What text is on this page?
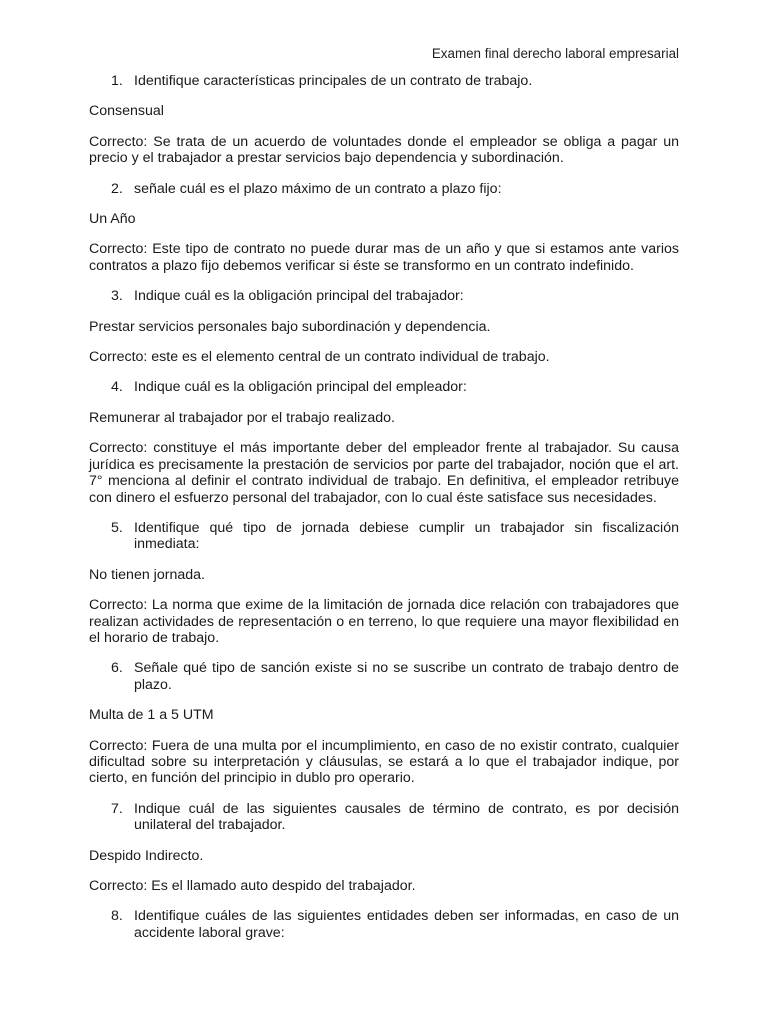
Examen final derecho laboral empresarial
1. Identifique características principales de un contrato de trabajo.

Consensual

Correcto: Se trata de un acuerdo de voluntades donde el empleador se obliga a pagar un precio y el trabajador a prestar servicios bajo dependencia y subordinación.

2. señale cuál es el plazo máximo de un contrato a plazo fijo:

Un Año

Correcto: Este tipo de contrato no puede durar mas de un año y que si estamos ante varios contratos a plazo fijo debemos verificar si éste se transformo en un contrato indefinido.

3. Indique cuál es la obligación principal del trabajador:

Prestar servicios personales bajo subordinación y dependencia.

Correcto: este es el elemento central de un contrato individual de trabajo.

4. Indique cuál es la obligación principal del empleador:

Remunerar al trabajador por el trabajo realizado.

Correcto: constituye el más importante deber del empleador frente al trabajador. Su causa jurídica es precisamente la prestación de servicios por parte del trabajador, noción que el art. 7° menciona al definir el contrato individual de trabajo. En definitiva, el empleador retribuye con dinero el esfuerzo personal del trabajador, con lo cual éste satisface sus necesidades.

5. Identifique qué tipo de jornada debiese cumplir un trabajador sin fiscalización inmediata:

No tienen jornada.

Correcto: La norma que exime de la limitación de jornada dice relación con trabajadores que realizan actividades de representación o en terreno, lo que requiere una mayor flexibilidad en el horario de trabajo.

6. Señale qué tipo de sanción existe si no se suscribe un contrato de trabajo dentro de plazo.

Multa de 1 a 5 UTM

Correcto: Fuera de una multa por el incumplimiento, en caso de no existir contrato, cualquier dificultad sobre su interpretación y cláusulas, se estará a lo que el trabajador indique, por cierto, en función del principio in dublo pro operario.

7. Indique cuál de las siguientes causales de término de contrato, es por decisión unilateral del trabajador.

Despido Indirecto.

Correcto: Es el llamado auto despido del trabajador.

8. Identifique cuáles de las siguientes entidades deben ser informadas, en caso de un accidente laboral grave:
